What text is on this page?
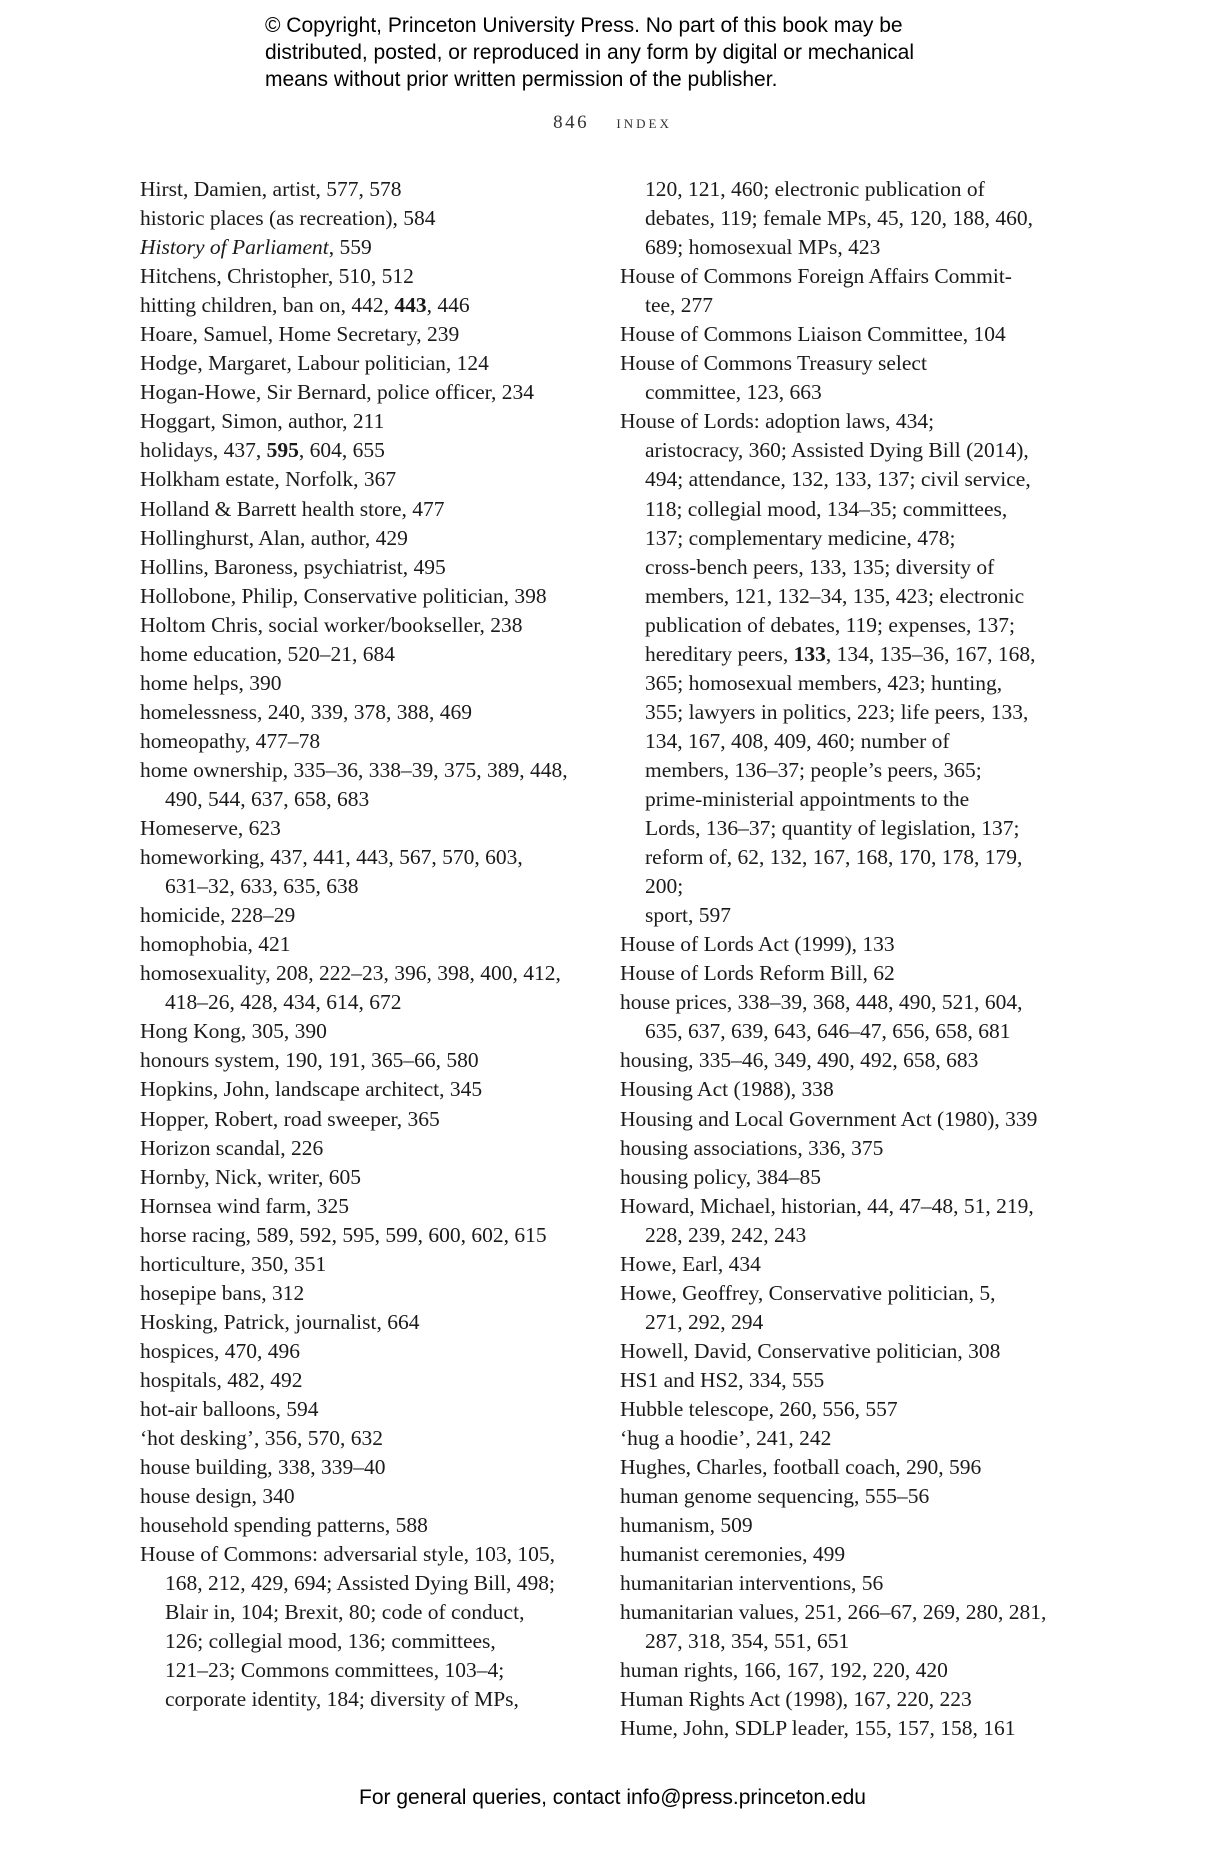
© Copyright, Princeton University Press. No part of this book may be
distributed, posted, or reproduced in any form by digital or mechanical
means without prior written permission of the publisher.
846 index
Hirst, Damien, artist, 577, 578
historic places (as recreation), 584
History of Parliament, 559
Hitchens, Christopher, 510, 512
hitting children, ban on, 442, 443, 446
Hoare, Samuel, Home Secretary, 239
Hodge, Margaret, Labour politician, 124
Hogan-Howe, Sir Bernard, police officer, 234
Hoggart, Simon, author, 211
holidays, 437, 595, 604, 655
Holkham estate, Norfolk, 367
Holland & Barrett health store, 477
Hollinghurst, Alan, author, 429
Hollins, Baroness, psychiatrist, 495
Hollobone, Philip, Conservative politician, 398
Holtom Chris, social worker/bookseller, 238
home education, 520–21, 684
home helps, 390
homelessness, 240, 339, 378, 388, 469
homeopathy, 477–78
home ownership, 335–36, 338–39, 375, 389, 448,
490, 544, 637, 658, 683
Homeserve, 623
homeworking, 437, 441, 443, 567, 570, 603,
631–32, 633, 635, 638
homicide, 228–29
homophobia, 421
homosexuality, 208, 222–23, 396, 398, 400, 412,
418–26, 428, 434, 614, 672
Hong Kong, 305, 390
honours system, 190, 191, 365–66, 580
Hopkins, John, landscape architect, 345
Hopper, Robert, road sweeper, 365
Horizon scandal, 226
Hornby, Nick, writer, 605
Hornsea wind farm, 325
horse racing, 589, 592, 595, 599, 600, 602, 615
horticulture, 350, 351
hosepipe bans, 312
Hosking, Patrick, journalist, 664
hospices, 470, 496
hospitals, 482, 492
hot-air balloons, 594
‘hot desking’, 356, 570, 632
house building, 338, 339–40
house design, 340
household spending patterns, 588
House of Commons: adversarial style, 103, 105,
168, 212, 429, 694; Assisted Dying Bill, 498;
Blair in, 104; Brexit, 80; code of conduct,
126; collegial mood, 136; committees,
121–23; Commons committees, 103–4;
corporate identity, 184; diversity of MPs,
120, 121, 460; electronic publication of
debates, 119; female MPs, 45, 120, 188, 460,
689; homosexual MPs, 423
House of Commons Foreign Affairs Commit-
tee, 277
House of Commons Liaison Committee, 104
House of Commons Treasury select
committee, 123, 663
House of Lords: adoption laws, 434;
aristocracy, 360; Assisted Dying Bill (2014),
494; attendance, 132, 133, 137; civil service,
118; collegial mood, 134–35; committees,
137; complementary medicine, 478;
cross-bench peers, 133, 135; diversity of
members, 121, 132–34, 135, 423; electronic
publication of debates, 119; expenses, 137;
hereditary peers, 133, 134, 135–36, 167, 168,
365; homosexual members, 423; hunting,
355; lawyers in politics, 223; life peers, 133,
134, 167, 408, 409, 460; number of
members, 136–37; people’s peers, 365;
prime-ministerial appointments to the
Lords, 136–37; quantity of legislation, 137;
reform of, 62, 132, 167, 168, 170, 178, 179, 200;
sport, 597
House of Lords Act (1999), 133
House of Lords Reform Bill, 62
house prices, 338–39, 368, 448, 490, 521, 604,
635, 637, 639, 643, 646–47, 656, 658, 681
housing, 335–46, 349, 490, 492, 658, 683
Housing Act (1988), 338
Housing and Local Government Act (1980), 339
housing associations, 336, 375
housing policy, 384–85
Howard, Michael, historian, 44, 47–48, 51, 219,
228, 239, 242, 243
Howe, Earl, 434
Howe, Geoffrey, Conservative politician, 5,
271, 292, 294
Howell, David, Conservative politician, 308
HS1 and HS2, 334, 555
Hubble telescope, 260, 556, 557
‘hug a hoodie’, 241, 242
Hughes, Charles, football coach, 290, 596
human genome sequencing, 555–56
humanism, 509
humanist ceremonies, 499
humanitarian interventions, 56
humanitarian values, 251, 266–67, 269, 280, 281,
287, 318, 354, 551, 651
human rights, 166, 167, 192, 220, 420
Human Rights Act (1998), 167, 220, 223
Hume, John, SDLP leader, 155, 157, 158, 161
For general queries, contact info@press.princeton.edu
